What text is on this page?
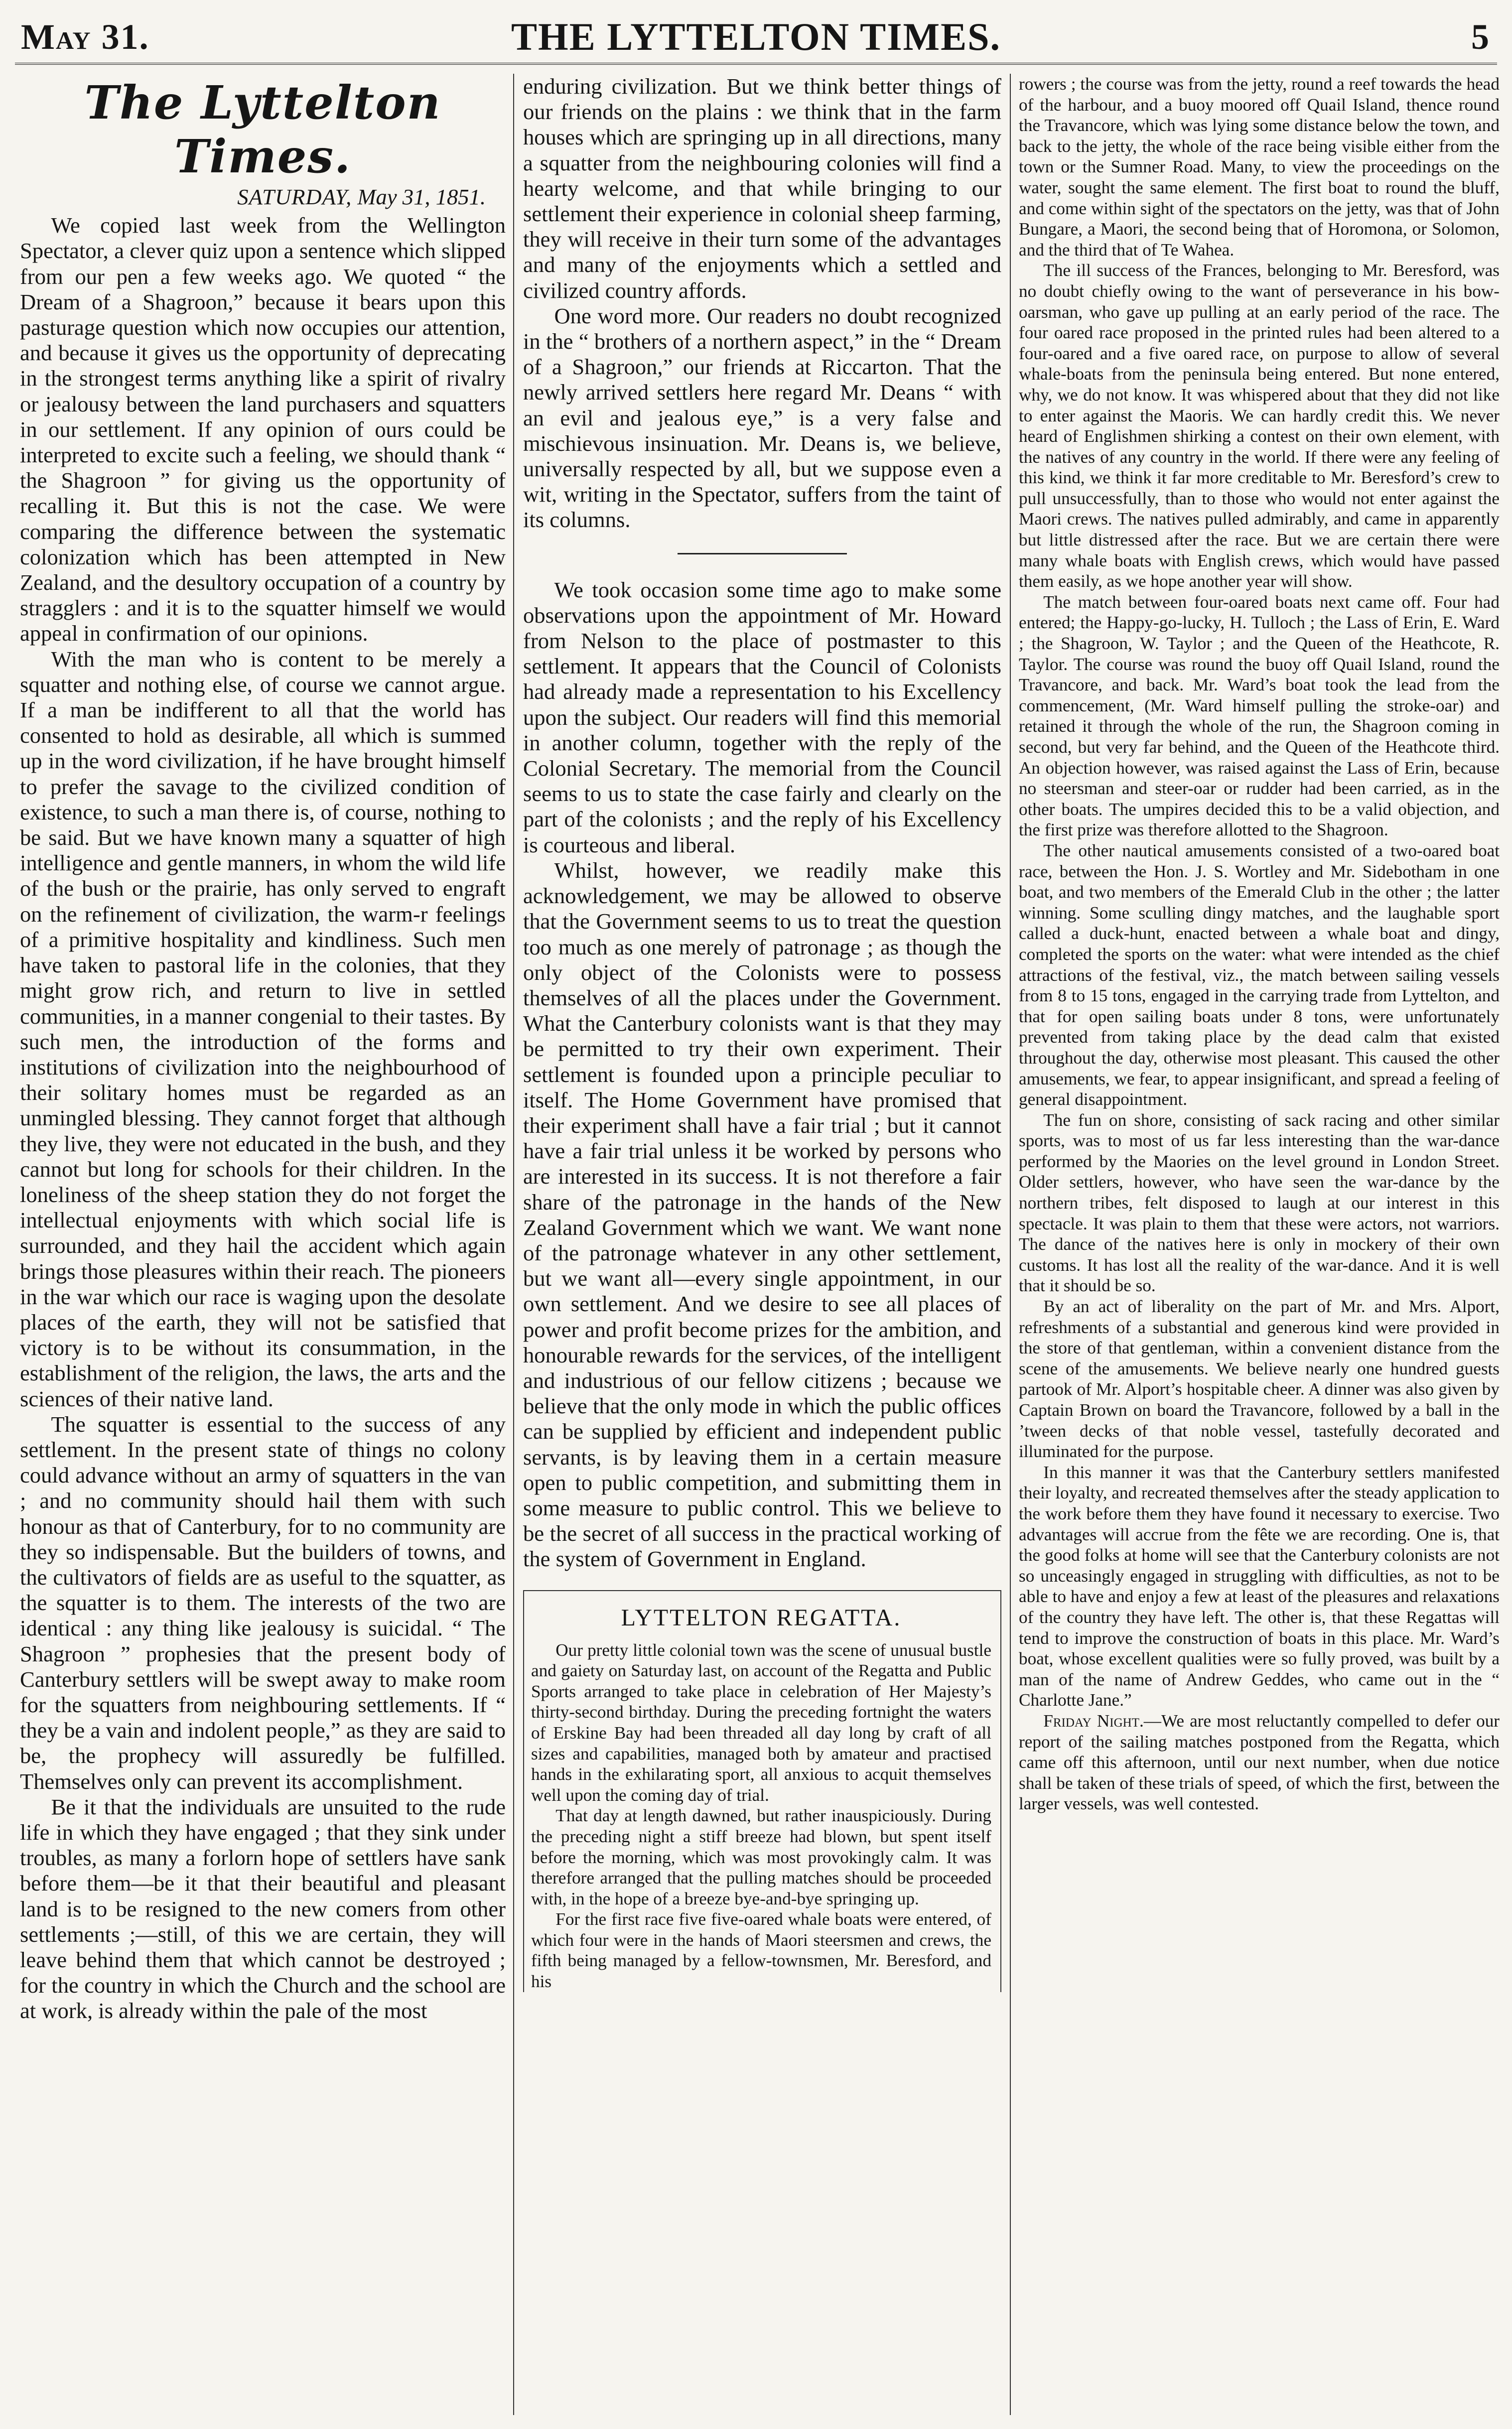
May 31.	THE LYTTELTON TIMES.	5
The Lyttelton Times.
SATURDAY, May 31, 1851.

We copied last week from the Wellington Spectator, a clever quiz upon a sentence which slipped from our pen a few weeks ago. We quoted “ the Dream of a Shagroon,” because it bears upon this pasturage question which now occupies our attention, and because it gives us the opportunity of deprecating in the strongest terms anything like a spirit of rivalry or jealousy between the land purchasers and squatters in our settlement. If any opinion of ours could be interpreted to excite such a feeling, we should thank “ the Shagroon ” for giving us the opportunity of recalling it. But this is not the case. We were comparing the difference between the systematic colonization which has been attempted in New Zealand, and the desultory occupation of a country by stragglers : and it is to the squatter himself we would appeal in confirmation of our opinions.

With the man who is content to be merely a squatter and nothing else, of course we cannot argue. If a man be indifferent to all that the world has consented to hold as desirable, all which is summed up in the word civilization, if he have brought himself to prefer the savage to the civilized condition of existence, to such a man there is, of course, nothing to be said. But we have known many a squatter of high intelligence and gentle manners, in whom the wild life of the bush or the prairie, has only served to engraft on the refinement of civilization, the warm-r feelings of a primitive hospitality and kindliness. Such men have taken to pastoral life in the colonies, that they might grow rich, and return to live in settled communities, in a manner congenial to their tastes. By such men, the introduction of the forms and institutions of civilization into the neighbourhood of their solitary homes must be regarded as an unmingled blessing. They cannot forget that although they live, they were not educated in the bush, and they cannot but long for schools for their children. In the loneliness of the sheep station they do not forget the intellectual enjoyments with which social life is surrounded, and they hail the accident which again brings those pleasures within their reach. The pioneers in the war which our race is waging upon the desolate places of the earth, they will not be satisfied that victory is to be without its consummation, in the establishment of the religion, the laws, the arts and the sciences of their native land.

The squatter is essential to the success of any settlement. In the present state of things no colony could advance without an army of squatters in the van ; and no community should hail them with such honour as that of Canterbury, for to no community are they so indispensable. But the builders of towns, and the cultivators of fields are as useful to the squatter, as the squatter is to them. The interests of the two are identical : any thing like jealousy is suicidal. “ The Shagroon ” prophesies that the present body of Canterbury settlers will be swept away to make room for the squatters from neighbouring settlements. If “ they be a vain and indolent people,” as they are said to be, the prophecy will assuredly be fulfilled. Themselves only can prevent its accomplishment.

Be it that the individuals are unsuited to the rude life in which they have engaged ; that they sink under troubles, as many a forlorn hope of settlers have sank before them—be it that their beautiful and pleasant land is to be resigned to the new comers from other settlements ;—still, of this we are certain, they will leave behind them that which cannot be destroyed ; for the country in which the Church and the school are at work, is already within the pale of the most

enduring civilization. But we think better things of our friends on the plains : we think that in the farm houses which are springing up in all directions, many a squatter from the neighbouring colonies will find a hearty welcome, and that while bringing to our settlement their experience in colonial sheep farming, they will receive in their turn some of the advantages and many of the enjoyments which a settled and civilized country affords.

One word more. Our readers no doubt recognized in the “ brothers of a northern aspect,” in the “ Dream of a Shagroon,” our friends at Riccarton. That the newly arrived settlers here regard Mr. Deans “ with an evil and jealous eye,” is a very false and mischievous insinuation. Mr. Deans is, we believe, universally respected by all, but we suppose even a wit, writing in the Spectator, suffers from the taint of its columns.

We took occasion some time ago to make some observations upon the appointment of Mr. Howard from Nelson to the place of postmaster to this settlement. It appears that the Council of Colonists had already made a representation to his Excellency upon the subject. Our readers will find this memorial in another column, together with the reply of the Colonial Secretary. The memorial from the Council seems to us to state the case fairly and clearly on the part of the colonists ; and the reply of his Excellency is courteous and liberal.

Whilst, however, we readily make this acknowledgement, we may be allowed to observe that the Government seems to us to treat the question too much as one merely of patronage ; as though the only object of the Colonists were to possess themselves of all the places under the Government. What the Canterbury colonists want is that they may be permitted to try their own experiment. Their settlement is founded upon a principle peculiar to itself. The Home Government have promised that their experiment shall have a fair trial ; but it cannot have a fair trial unless it be worked by persons who are interested in its success. It is not therefore a fair share of the patronage in the hands of the New Zealand Government which we want. We want none of the patronage whatever in any other settlement, but we want all—every single appointment, in our own settlement. And we desire to see all places of power and profit become prizes for the ambition, and honourable rewards for the services, of the intelligent and industrious of our fellow citizens ; because we believe that the only mode in which the public offices can be supplied by efficient and independent public servants, is by leaving them in a certain measure open to public competition, and submitting them in some measure to public control. This we believe to be the secret of all success in the practical working of the system of Government in England.

LYTTELTON REGATTA.

Our pretty little colonial town was the scene of unusual bustle and gaiety on Saturday last, on account of the Regatta and Public Sports arranged to take place in celebration of Her Majesty’s thirty-second birthday. During the preceding fortnight the waters of Erskine Bay had been threaded all day long by craft of all sizes and capabilities, managed both by amateur and practised hands in the exhilarating sport, all anxious to acquit themselves well upon the coming day of trial.

That day at length dawned, but rather inauspiciously. During the preceding night a stiff breeze had blown, but spent itself before the morning, which was most provokingly calm. It was therefore arranged that the pulling matches should be proceeded with, in the hope of a breeze bye-and-bye springing up.

For the first race five five-oared whale boats were entered, of which four were in the hands of Maori steersmen and crews, the fifth being managed by a fellow-townsmen, Mr. Beresford, and his

rowers ; the course was from the jetty, round a reef towards the head of the harbour, and a buoy moored off Quail Island, thence round the Travancore, which was lying some distance below the town, and back to the jetty, the whole of the race being visible either from the town or the Sumner Road. Many, to view the proceedings on the water, sought the same element. The first boat to round the bluff, and come within sight of the spectators on the jetty, was that of John Bungare, a Maori, the second being that of Horomona, or Solomon, and the third that of Te Wahea.

The ill success of the Frances, belonging to Mr. Beresford, was no doubt chiefly owing to the want of perseverance in his bow-oarsman, who gave up pulling at an early period of the race. The four oared race proposed in the printed rules had been altered to a four-oared and a five oared race, on purpose to allow of several whale-boats from the peninsula being entered. But none entered, why, we do not know. It was whispered about that they did not like to enter against the Maoris. We can hardly credit this. We never heard of Englishmen shirking a contest on their own element, with the natives of any country in the world. If there were any feeling of this kind, we think it far more creditable to Mr. Beresford’s crew to pull unsuccessfully, than to those who would not enter against the Maori crews. The natives pulled admirably, and came in apparently but little distressed after the race. But we are certain there were many whale boats with English crews, which would have passed them easily, as we hope another year will show.

The match between four-oared boats next came off. Four had entered; the Happy-go-lucky, H. Tulloch ; the Lass of Erin, E. Ward ; the Shagroon, W. Taylor ; and the Queen of the Heathcote, R. Taylor. The course was round the buoy off Quail Island, round the Travancore, and back. Mr. Ward’s boat took the lead from the commencement, (Mr. Ward himself pulling the stroke-oar) and retained it through the whole of the run, the Shagroon coming in second, but very far behind, and the Queen of the Heathcote third. An objection however, was raised against the Lass of Erin, because no steersman and steer-oar or rudder had been carried, as in the other boats. The umpires decided this to be a valid objection, and the first prize was therefore allotted to the Shagroon.

The other nautical amusements consisted of a two-oared boat race, between the Hon. J. S. Wortley and Mr. Sidebotham in one boat, and two members of the Emerald Club in the other ; the latter winning. Some sculling dingy matches, and the laughable sport called a duck-hunt, enacted between a whale boat and dingy, completed the sports on the water: what were intended as the chief attractions of the festival, viz., the match between sailing vessels from 8 to 15 tons, engaged in the carrying trade from Lyttelton, and that for open sailing boats under 8 tons, were unfortunately prevented from taking place by the dead calm that existed throughout the day, otherwise most pleasant. This caused the other amusements, we fear, to appear insignificant, and spread a feeling of general disappointment.

The fun on shore, consisting of sack racing and other similar sports, was to most of us far less interesting than the war-dance performed by the Maories on the level ground in London Street. Older settlers, however, who have seen the war-dance by the northern tribes, felt disposed to laugh at our interest in this spectacle. It was plain to them that these were actors, not warriors. The dance of the natives here is only in mockery of their own customs. It has lost all the reality of the war-dance. And it is well that it should be so.

By an act of liberality on the part of Mr. and Mrs. Alport, refreshments of a substantial and generous kind were provided in the store of that gentleman, within a convenient distance from the scene of the amusements. We believe nearly one hundred guests partook of Mr. Alport’s hospitable cheer. A dinner was also given by Captain Brown on board the Travancore, followed by a ball in the ’tween decks of that noble vessel, tastefully decorated and illuminated for the purpose.

In this manner it was that the Canterbury settlers manifested their loyalty, and recreated themselves after the steady application to the work before them they have found it necessary to exercise. Two advantages will accrue from the fête we are recording. One is, that the good folks at home will see that the Canterbury colonists are not so unceasingly engaged in struggling with difficulties, as not to be able to have and enjoy a few at least of the pleasures and relaxations of the country they have left. The other is, that these Regattas will tend to improve the construction of boats in this place. Mr. Ward’s boat, whose excellent qualities were so fully proved, was built by a man of the name of Andrew Geddes, who came out in the “ Charlotte Jane.”

Friday Night.—We are most reluctantly compelled to defer our report of the sailing matches postponed from the Regatta, which came off this afternoon, until our next number, when due notice shall be taken of these trials of speed, of which the first, between the larger vessels, was well contested.
